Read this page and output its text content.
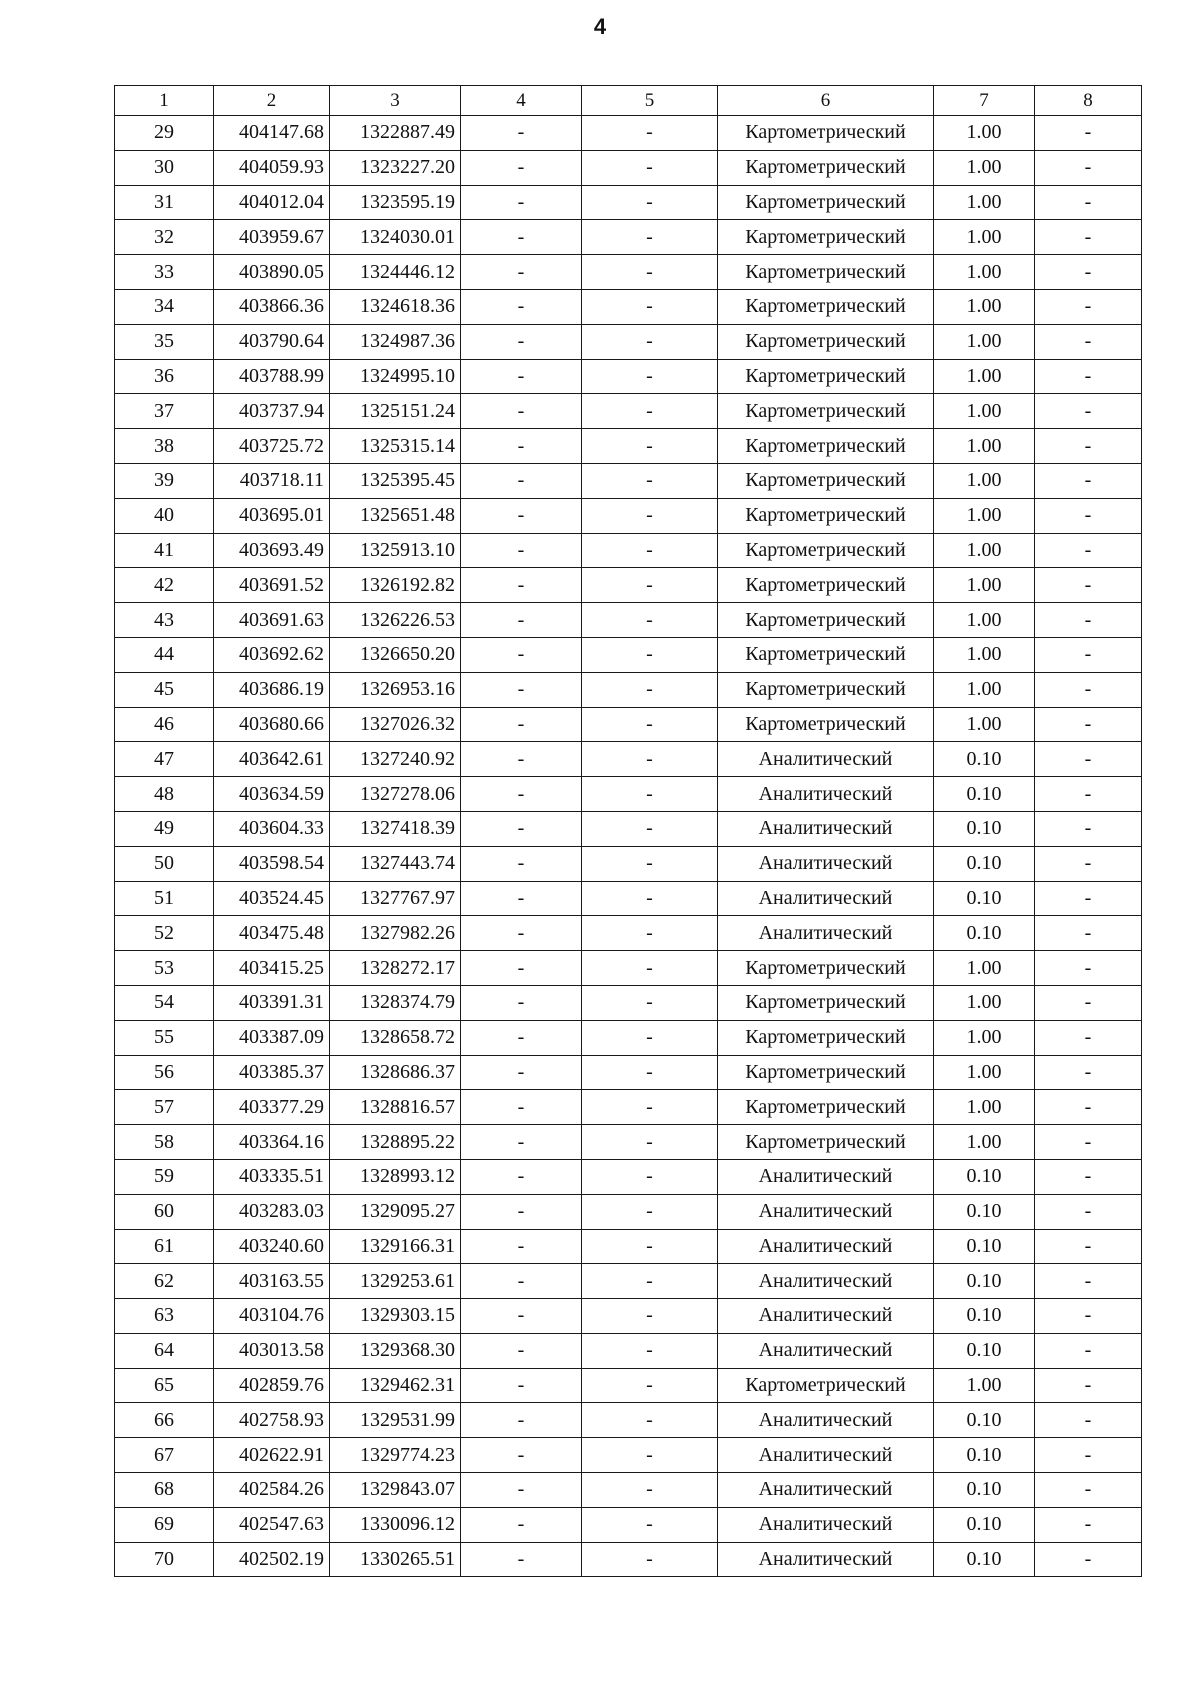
4
1	2	3	4	5	6	7	8
29	404147.68	1322887.49	-	-	Картометрический	1.00	-
30	404059.93	1323227.20	-	-	Картометрический	1.00	-
31	404012.04	1323595.19	-	-	Картометрический	1.00	-
32	403959.67	1324030.01	-	-	Картометрический	1.00	-
33	403890.05	1324446.12	-	-	Картометрический	1.00	-
34	403866.36	1324618.36	-	-	Картометрический	1.00	-
35	403790.64	1324987.36	-	-	Картометрический	1.00	-
36	403788.99	1324995.10	-	-	Картометрический	1.00	-
37	403737.94	1325151.24	-	-	Картометрический	1.00	-
38	403725.72	1325315.14	-	-	Картометрический	1.00	-
39	403718.11	1325395.45	-	-	Картометрический	1.00	-
40	403695.01	1325651.48	-	-	Картометрический	1.00	-
41	403693.49	1325913.10	-	-	Картометрический	1.00	-
42	403691.52	1326192.82	-	-	Картометрический	1.00	-
43	403691.63	1326226.53	-	-	Картометрический	1.00	-
44	403692.62	1326650.20	-	-	Картометрический	1.00	-
45	403686.19	1326953.16	-	-	Картометрический	1.00	-
46	403680.66	1327026.32	-	-	Картометрический	1.00	-
47	403642.61	1327240.92	-	-	Аналитический	0.10	-
48	403634.59	1327278.06	-	-	Аналитический	0.10	-
49	403604.33	1327418.39	-	-	Аналитический	0.10	-
50	403598.54	1327443.74	-	-	Аналитический	0.10	-
51	403524.45	1327767.97	-	-	Аналитический	0.10	-
52	403475.48	1327982.26	-	-	Аналитический	0.10	-
53	403415.25	1328272.17	-	-	Картометрический	1.00	-
54	403391.31	1328374.79	-	-	Картометрический	1.00	-
55	403387.09	1328658.72	-	-	Картометрический	1.00	-
56	403385.37	1328686.37	-	-	Картометрический	1.00	-
57	403377.29	1328816.57	-	-	Картометрический	1.00	-
58	403364.16	1328895.22	-	-	Картометрический	1.00	-
59	403335.51	1328993.12	-	-	Аналитический	0.10	-
60	403283.03	1329095.27	-	-	Аналитический	0.10	-
61	403240.60	1329166.31	-	-	Аналитический	0.10	-
62	403163.55	1329253.61	-	-	Аналитический	0.10	-
63	403104.76	1329303.15	-	-	Аналитический	0.10	-
64	403013.58	1329368.30	-	-	Аналитический	0.10	-
65	402859.76	1329462.31	-	-	Картометрический	1.00	-
66	402758.93	1329531.99	-	-	Аналитический	0.10	-
67	402622.91	1329774.23	-	-	Аналитический	0.10	-
68	402584.26	1329843.07	-	-	Аналитический	0.10	-
69	402547.63	1330096.12	-	-	Аналитический	0.10	-
70	402502.19	1330265.51	-	-	Аналитический	0.10	-
